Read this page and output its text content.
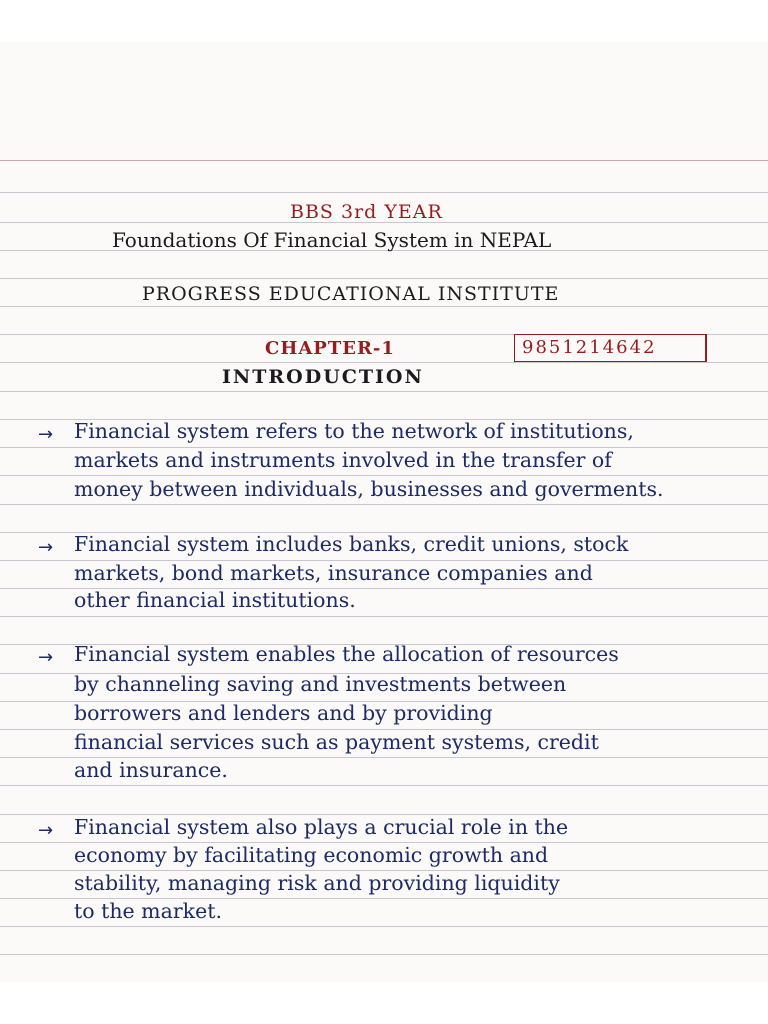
BBS 3rd YEAR
Foundations Of Financial System in NEPAL
PROGRESS EDUCATIONAL INSTITUTE
CHAPTER-1	9851214642
INTRODUCTION
→ Financial system refers to the network of institutions,
markets and instruments involved in the transfer of
money between individuals, businesses and goverments.
→ Financial system includes banks, credit unions, stock
markets, bond markets, insurance companies and
other financial institutions.
→ Financial system enables the allocation of resources
by channeling saving and investments between
borrowers and lenders and by providing
financial services such as payment systems, credit
and insurance.
→ Financial system also plays a crucial role in the
economy by facilitating economic growth and
stability, managing risk and providing liquidity
to the market.
